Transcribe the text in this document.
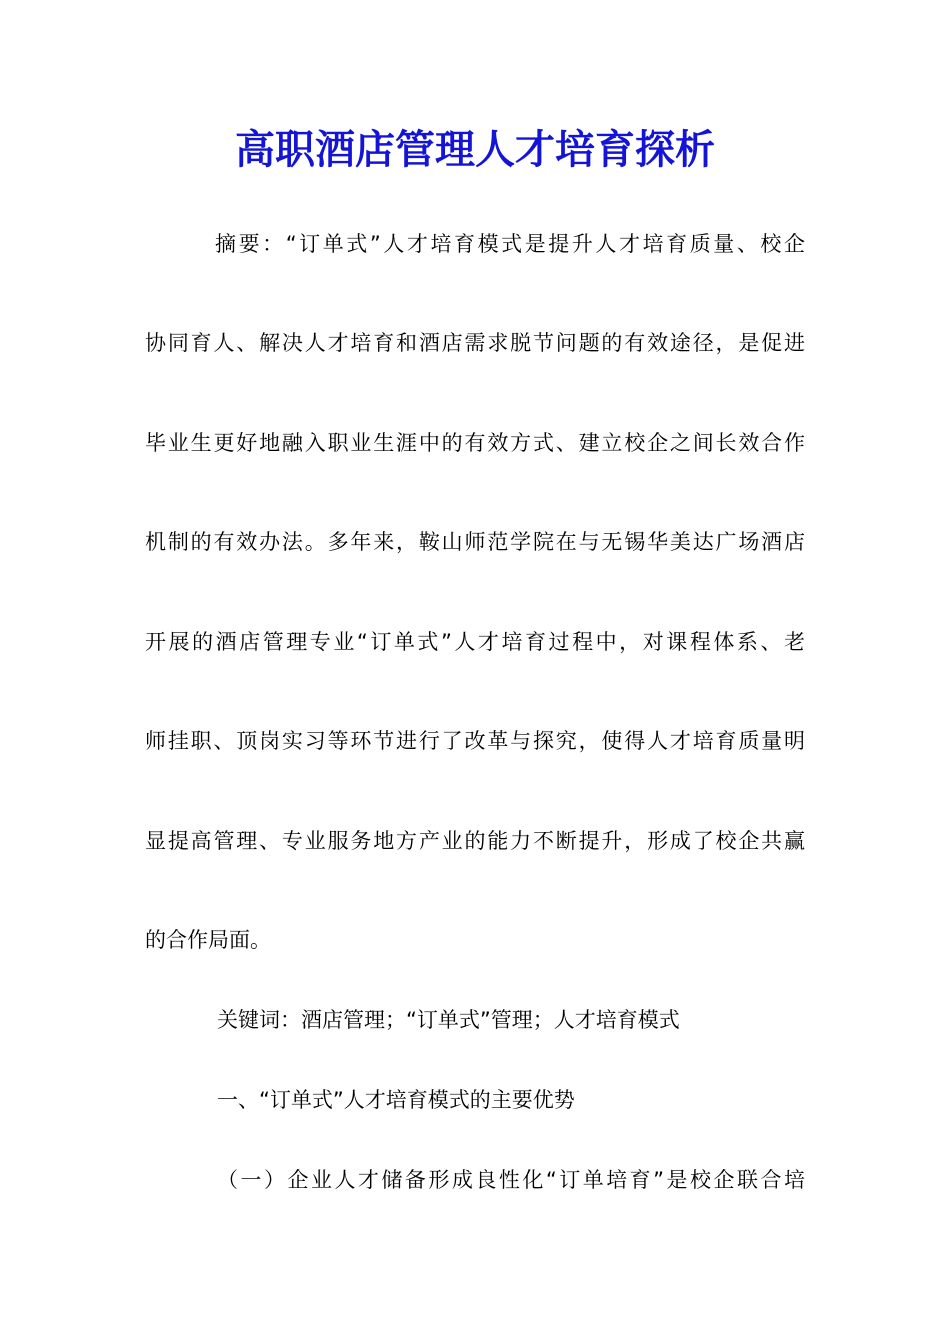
高职酒店管理人才培育探析
摘要：“订单式”人才培育模式是提升人才培育质量、校企
协同育人、解决人才培育和酒店需求脱节问题的有效途径，是促进
毕业生更好地融入职业生涯中的有效方式、建立校企之间长效合作
机制的有效办法。多年来，鞍山师范学院在与无锡华美达广场酒店
开展的酒店管理专业“订单式”人才培育过程中，对课程体系、老
师挂职、顶岗实习等环节进行了改革与探究，使得人才培育质量明
显提高管理、专业服务地方产业的能力不断提升，形成了校企共赢
的合作局面。
关键词：酒店管理；“订单式”管理；人才培育模式
一、“订单式”人才培育模式的主要优势
（一）企业人才储备形成良性化“订单培育”是校企联合培
